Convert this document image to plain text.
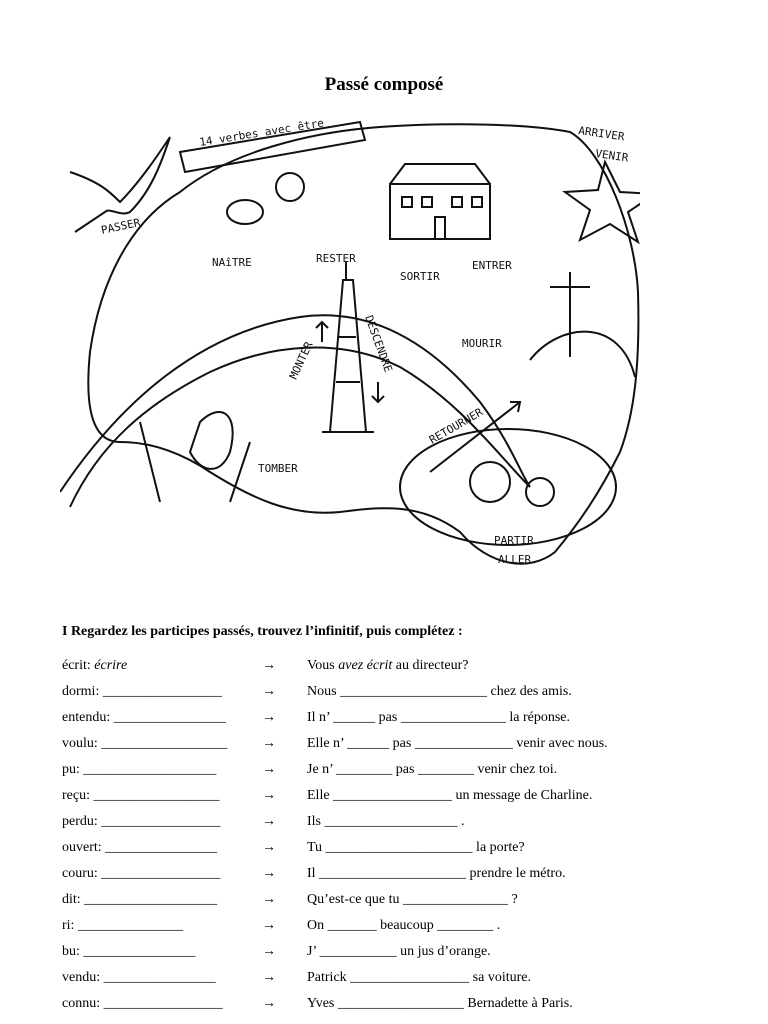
Passé composé
14 verbes avec être
PASSER
NAîTRE	RESTER
SORTIR
ENTRER
ARRIVER
VENIR
MONTER	DESCENDRE	MOURIR
RETOURNER
TOMBER
PARTIR
ALLER
I Regardez les participes passés, trouvez l’infinitif, puis complétez :
écrit: écrire	→ Vous avez écrit au directeur?
dormi: _________________	→ Nous _____________________ chez des amis.
entendu: ________________	→ Il n’ ______ pas _______________ la réponse.
voulu: __________________ → Elle n’ ______ pas ______________ venir avec nous.
pu: ___________________	→ Je n’ ________ pas ________ venir chez toi.
reçu: __________________	→ Elle _________________ un message de Charline.
perdu: _________________	→ Ils ___________________ .
ouvert: ________________	→ Tu _____________________ la porte?
couru: _________________	→ Il _____________________ prendre le métro.
dit: ___________________	→ Qu’est-ce que tu _______________ ?
ri: _______________	→ On _______ beaucoup ________ .
bu: ________________	→ J’ ___________ un jus d’orange.
vendu: ________________	→ Patrick _________________ sa voiture.
connu: _________________	→ Yves __________________ Bernadette à Paris.
